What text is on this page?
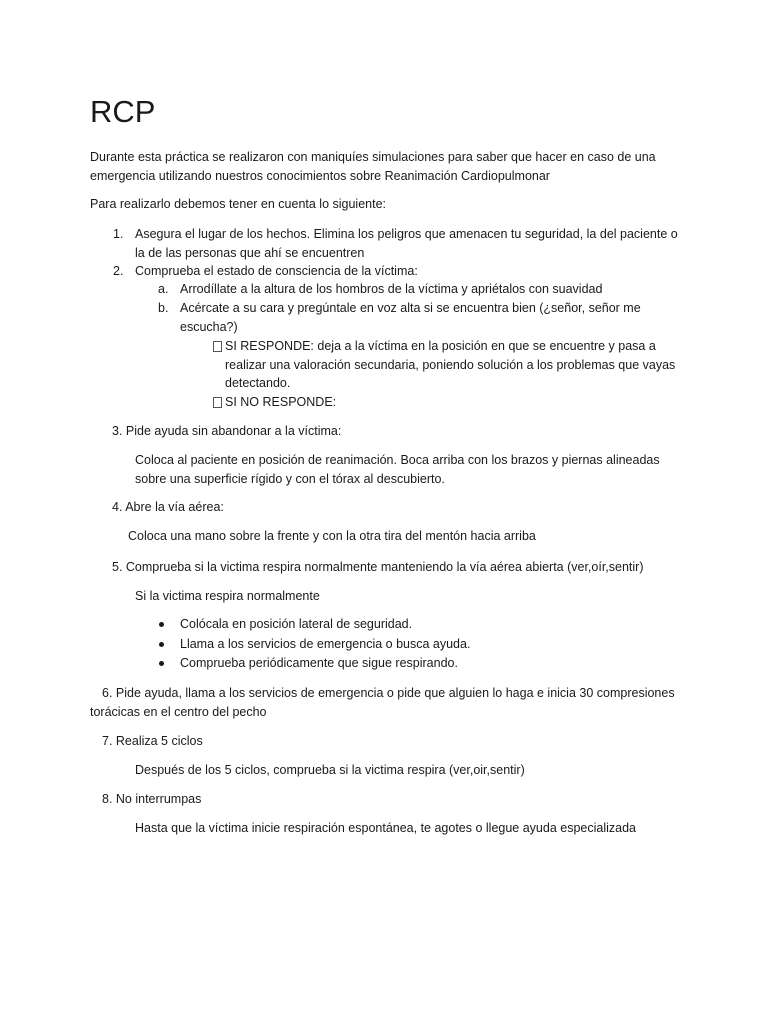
RCP

Durante esta práctica se realizaron con maniquíes simulaciones para saber que hacer en caso de una emergencia utilizando nuestros conocimientos sobre Reanimación Cardiopulmonar

Para realizarlo debemos tener en cuenta lo siguiente:

1. Asegura el lugar de los hechos. Elimina los peligros que amenacen tu seguridad, la del paciente o la de las personas que ahí se encuentren

2. Comprueba el estado de consciencia de la víctima:

a. Arrodíllate a la altura de los hombros de la víctima y apriétalos con suavidad

b. Acércate a su cara y pregúntale en voz alta si se encuentra bien (¿señor, señor me escucha?)

SI RESPONDE: deja a la víctima en la posición en que se encuentre y pasa a realizar una valoración secundaria, poniendo solución a los problemas que vayas detectando.

SI NO RESPONDE:

3. Pide ayuda sin abandonar a la víctima:

Coloca al paciente en posición de reanimación. Boca arriba con los brazos y piernas alineadas sobre una superficie rígido y con el tórax al descubierto.

4. Abre la vía aérea:

Coloca una mano sobre la frente y con la otra tira del mentón hacia arriba

5. Comprueba si la victima respira normalmente manteniendo la vía aérea abierta (ver,oír,sentir)

Si la victima respira normalmente

Colócala en posición lateral de seguridad.

Llama a los servicios de emergencia o busca ayuda.

Comprueba periódicamente que sigue respirando.

6. Pide ayuda, llama a los servicios de emergencia o pide que alguien lo haga e inicia 30 compresiones

torácicas en el centro del pecho

7. Realiza 5 ciclos

Después de los 5 ciclos, comprueba si la victima respira (ver,oir,sentir)

8. No interrumpas

Hasta que la víctima inicie respiración espontánea, te agotes o llegue ayuda especializada
